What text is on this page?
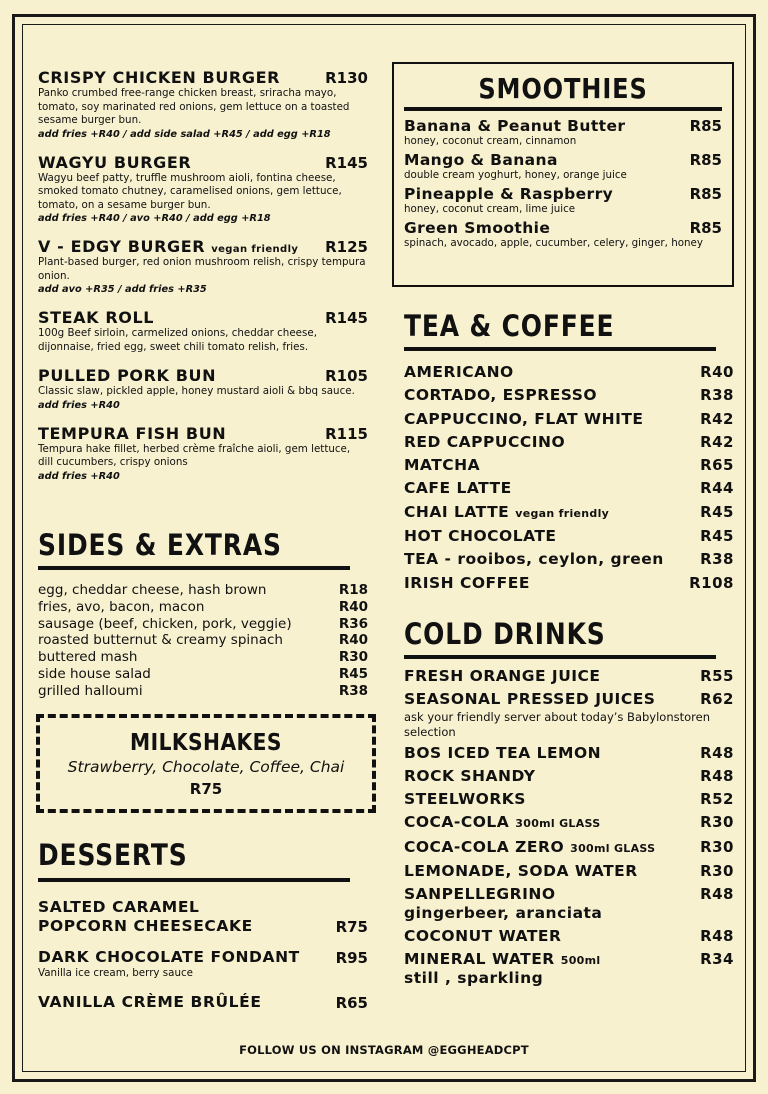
CRISPY CHICKEN BURGER	R130
Panko crumbed free-range chicken breast, sriracha mayo, tomato, soy marinated red onions, gem lettuce on a toasted sesame burger bun.
add fries +R40 / add side salad +R45 / add egg +R18
WAGYU BURGER	R145
Wagyu beef patty, truffle mushroom aioli, fontina cheese, smoked tomato chutney, caramelised onions, gem lettuce, tomato, on a sesame burger bun.
add fries +R40 / avo +R40 / add egg +R18
V - EDGY BURGER vegan friendly R125
Plant-based burger, red onion mushroom relish, crispy tempura onion.
add avo +R35 / add fries +R35
STEAK ROLL	R145
100g Beef sirloin, carmelized onions, cheddar cheese, dijonnaise, fried egg, sweet chili tomato relish, fries.
PULLED PORK BUN	R105
Classic slaw, pickled apple, honey mustard aioli & bbq sauce.
add fries +R40
TEMPURA FISH BUN	R115
Tempura hake fillet, herbed crème fraîche aioli, gem lettuce, dill cucumbers, crispy onions
add fries +R40
SIDES & EXTRAS
egg, cheddar cheese, hash brown	R18
fries, avo, bacon, macon	R40
sausage (beef, chicken, pork, veggie)	R36
roasted butternut & creamy spinach	R40
buttered mash	R30
side house salad	R45
grilled halloumi	R38
MILKSHAKES
Strawberry, Chocolate, Coffee, Chai
R75
DESSERTS
SALTED CARAMEL
POPCORN CHEESECAKE	R75
DARK CHOCOLATE FONDANT R95
Vanilla ice cream, berry sauce
VANILLA CRÈME BRÛLÉE	R65
SMOOTHIES
Banana & Peanut Butter	R85
honey, coconut cream, cinnamon
Mango & Banana	R85
double cream yoghurt, honey, orange juice
Pineapple & Raspberry	R85
honey, coconut cream, lime juice
Green Smoothie	R85
spinach, avocado, apple, cucumber, celery, ginger, honey
TEA & COFFEE
AMERICANO	R40
CORTADO, ESPRESSO	R38
CAPPUCCINO, FLAT WHITE	R42
RED CAPPUCCINO	R42
MATCHA	R65
CAFE LATTE	R44
CHAI LATTE vegan friendly	R45
HOT CHOCOLATE	R45
TEA - rooibos, ceylon, green R38
IRISH COFFEE	R108
COLD DRINKS
FRESH ORANGE JUICE	R55
SEASONAL PRESSED JUICES	R62
ask your friendly server about today’s Babylonstoren selection
BOS ICED TEA LEMON	R48
ROCK SHANDY	R48
STEELWORKS	R52
COCA-COLA 300ml GLASS	R30
COCA-COLA ZERO 300ml GLASS	R30
LEMONADE, SODA WATER	R30
SANPELLEGRINO	R48
gingerbeer, aranciata
COCONUT WATER	R48
MINERAL WATER 500ml	R34
still , sparkling
FOLLOW US ON INSTAGRAM @EGGHEADCPT
